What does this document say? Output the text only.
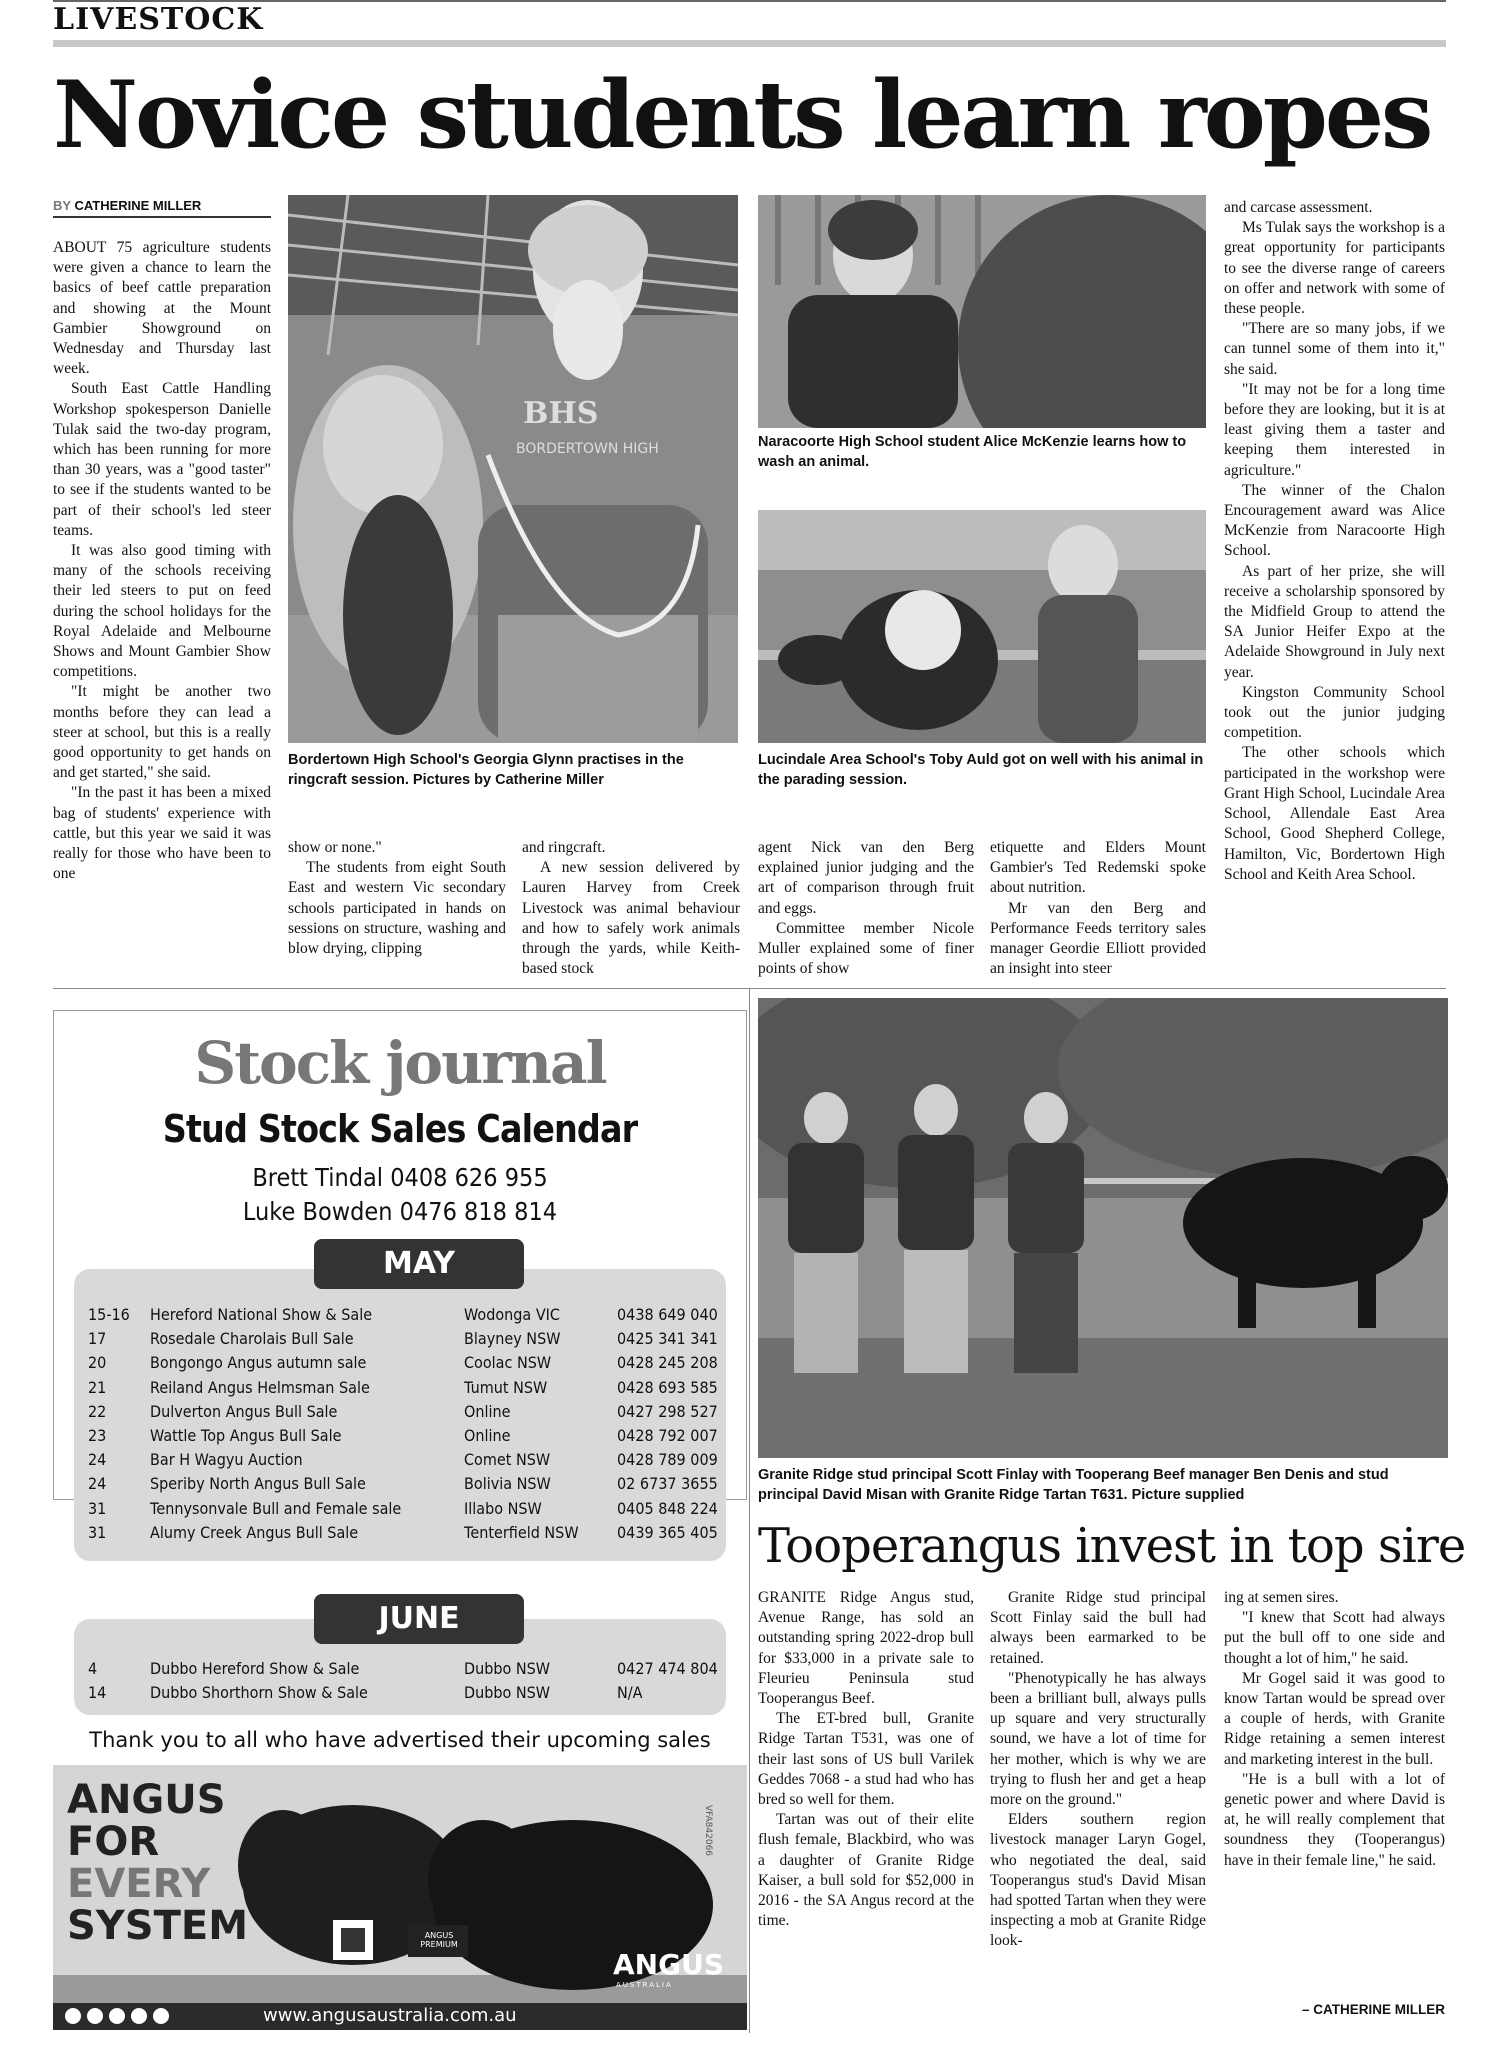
LIVESTOCK
Novice students learn ropes
BY CATHERINE MILLER

ABOUT 75 agriculture students were given a chance to learn the basics of beef cattle preparation and showing at the Mount Gambier Showground on Wednesday and Thursday last week.

South East Cattle Handling Workshop spokesperson Danielle Tulak said the two-day program, which has been running for more than 30 years, was a "good taster" to see if the students wanted to be part of their school's led steer teams.

It was also good timing with many of the schools receiving their led steers to put on feed during the school holidays for the Royal Adelaide and Melbourne Shows and Mount Gambier Show competitions.

"It might be another two months before they can lead a steer at school, but this is a really good opportunity to get hands on and get started," she said.

"In the past it has been a mixed bag of students' experience with cattle, but this year we said it was really for those who have been to one

BHS
BORDERTOWN HIGH
Bordertown High School's Georgia Glynn practises in the ringcraft session. Pictures by Catherine Miller
Naracoorte High School student Alice McKenzie learns how to wash an animal.
Lucindale Area School's Toby Auld got on well with his animal in the parading session.

show or none."

The students from eight South East and western Vic secondary schools participated in hands on sessions on structure, washing and blow drying, clipping

and ringcraft.

A new session delivered by Lauren Harvey from Creek Livestock was animal behaviour and how to safely work animals through the yards, while Keith-based stock

agent Nick van den Berg explained junior judging and the art of comparison through fruit and eggs.

Committee member Nicole Muller explained some of finer points of show

etiquette and Elders Mount Gambier's Ted Redemski spoke about nutrition.

Mr van den Berg and Performance Feeds territory sales manager Geordie Elliott provided an insight into steer

and carcase assessment.

Ms Tulak says the workshop is a great opportunity for participants to see the diverse range of careers on offer and network with some of these people.

"There are so many jobs, if we can tunnel some of them into it," she said.

"It may not be for a long time before they are looking, but it is at least giving them a taster and keeping them interested in agriculture."

The winner of the Chalon Encouragement award was Alice McKenzie from Naracoorte High School.

As part of her prize, she will receive a scholarship sponsored by the Midfield Group to attend the SA Junior Heifer Expo at the Adelaide Showground in July next year.

Kingston Community School took out the junior judging competition.

The other schools which participated in the workshop were Grant High School, Lucindale Area School, Allendale East Area School, Good Shepherd College, Hamilton, Vic, Bordertown High School and Keith Area School.

Stock journal
Stud Stock Sales Calendar
Brett Tindal 0408 626 955
Luke Bowden 0476 818 814
MAY
15-16 Hereford National Show & Sale	Wodonga VIC	0438 649 040
17	Rosedale Charolais Bull Sale	Blayney NSW	0425 341 341
20	Bongongo Angus autumn sale	Coolac NSW	0428 245 208
21	Reiland Angus Helmsman Sale	Tumut NSW	0428 693 585
22	Dulverton Angus Bull Sale	Online	0427 298 527
23	Wattle Top Angus Bull Sale	Online	0428 792 007
24	Bar H Wagyu Auction	Comet NSW	0428 789 009
24	Speriby North Angus Bull Sale	Bolivia NSW	02 6737 3655
31	Tennysonvale Bull and Female sale	Illabo NSW	0405 848 224
31	Alumy Creek Angus Bull Sale	Tenterfield NSW 0439 365 405
JUNE
4	Dubbo Hereford Show & Sale	Dubbo NSW	0427 474 804
14	Dubbo Shorthorn Show & Sale	Dubbo NSW	N/A
Thank you to all who have advertised their upcoming sales
ANGUS
FOR
EVERY
SYSTEM	ANGUS PREMIUM
VFA842066
ANGUS
AUSTRALIA
www.angusaustralia.com.au
Granite Ridge stud principal Scott Finlay with Tooperang Beef manager Ben Denis and stud principal David Misan with Granite Ridge Tartan T631. Picture supplied
Tooperangus invest in top sire

GRANITE Ridge Angus stud, Avenue Range, has sold an outstanding spring 2022-drop bull for $33,000 in a private sale to Fleurieu Peninsula stud Tooperangus Beef.

The ET-bred bull, Granite Ridge Tartan T531, was one of their last sons of US bull Varilek Geddes 7068 - a stud had who has bred so well for them.

Tartan was out of their elite flush female, Blackbird, who was a daughter of Granite Ridge Kaiser, a bull sold for $52,000 in 2016 - the SA Angus record at the time.

Granite Ridge stud principal Scott Finlay said the bull had always been earmarked to be retained.

"Phenotypically he has always been a brilliant bull, always pulls up square and very structurally sound, we have a lot of time for her mother, which is why we are trying to flush her and get a heap more on the ground."

Elders southern region livestock manager Laryn Gogel, who negotiated the deal, said Tooperangus stud's David Misan had spotted Tartan when they were inspecting a mob at Granite Ridge look-

ing at semen sires.

"I knew that Scott had always put the bull off to one side and thought a lot of him," he said.

Mr Gogel said it was good to know Tartan would be spread over a couple of herds, with Granite Ridge retaining a semen interest and marketing interest in the bull.

"He is a bull with a lot of genetic power and where David is at, he will really complement that soundness they (Tooperangus) have in their female line," he said.

– CATHERINE MILLER
